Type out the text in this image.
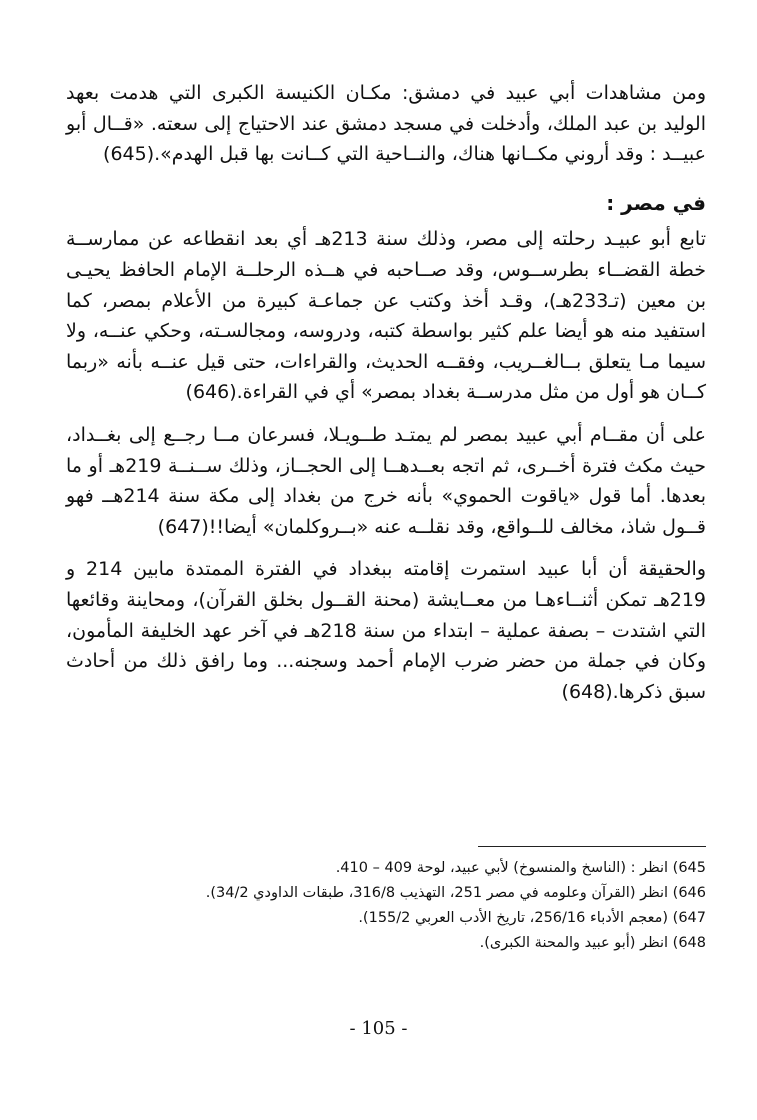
ومن مشاهدات أبي عبيد في دمشق: مكـان الكنيسة الكبرى التي هدمت بعهد الوليد بن عبد الملك، وأدخلت في مسجد دمشق عند الاحتياج إلى سعته. «قــال أبو عبيــد : وقد أروني مكــانها هناك، والنــاحية التي كــانت بها قبل الهدم».(645)

في مصر :

تابع أبو عبيـد رحلته إلى مصر، وذلك سنة 213هـ أي بعد انقطاعه عن ممارســة خطة القضــاء بطرســوس، وقد صــاحبه في هــذه الرحلــة الإمام الحافظ يحيـى بن معين (تـ233هـ)، وقـد أخذ وكتب عن جماعـة كبيرة من الأعلام بمصر، كما استفيد منه هو أيضا علم كثير بواسطة كتبه، ودروسه، ومجالسـته، وحكي عنــه، ولا سيما مـا يتعلق بــالغــريب، وفقــه الحديث، والقراءات، حتى قيل عنــه بأنه «ربما كــان هو أول من مثل مدرســة بغداد بمصر» أي في القراءة.(646)

على أن مقــام أبي عبيد بمصر لم يمتـد طــويـلا، فسرعان مــا رجــع إلى بغــداد، حيث مكث فترة أخــرى، ثم اتجه بعــدهــا إلى الحجــاز، وذلك ســنــة 219هـ أو ما بعدها. أما قول «ياقوت الحموي» بأنه خرج من بغداد إلى مكة سنة 214هــ فهو قــول شاذ، مخالف للــواقع، وقد نقلــه عنه «بــروكلمان» أيضا!!(647)

والحقيقة أن أبا عبيد استمرت إقامته ببغداد في الفترة الممتدة مابين 214 و 219هـ تمكن أثنــاءهـا من معــايشة (محنة القــول بخلق القرآن)، ومحاينة وقائعها التي اشتدت – بصفة عملية – ابتداء من سنة 218هـ في آخر عهد الخليفة المأمون، وكان في جملة من حضر ضرب الإمام أحمد وسجنه... وما رافق ذلك من أحادث سبق ذكرها.(648)

645) انظر : (الناسخ والمنسوخ) لأبي عبيد، لوحة 409 – 410.
646) انظر (القرآن وعلومه في مصر 251، التهذيب 316/8، طبقات الداودي 34/2).
647) (معجم الأدباء 256/16، تاريخ الأدب العربي 155/2).
648) انظر (أبو عبيد والمحنة الكبرى).
- 105 -
